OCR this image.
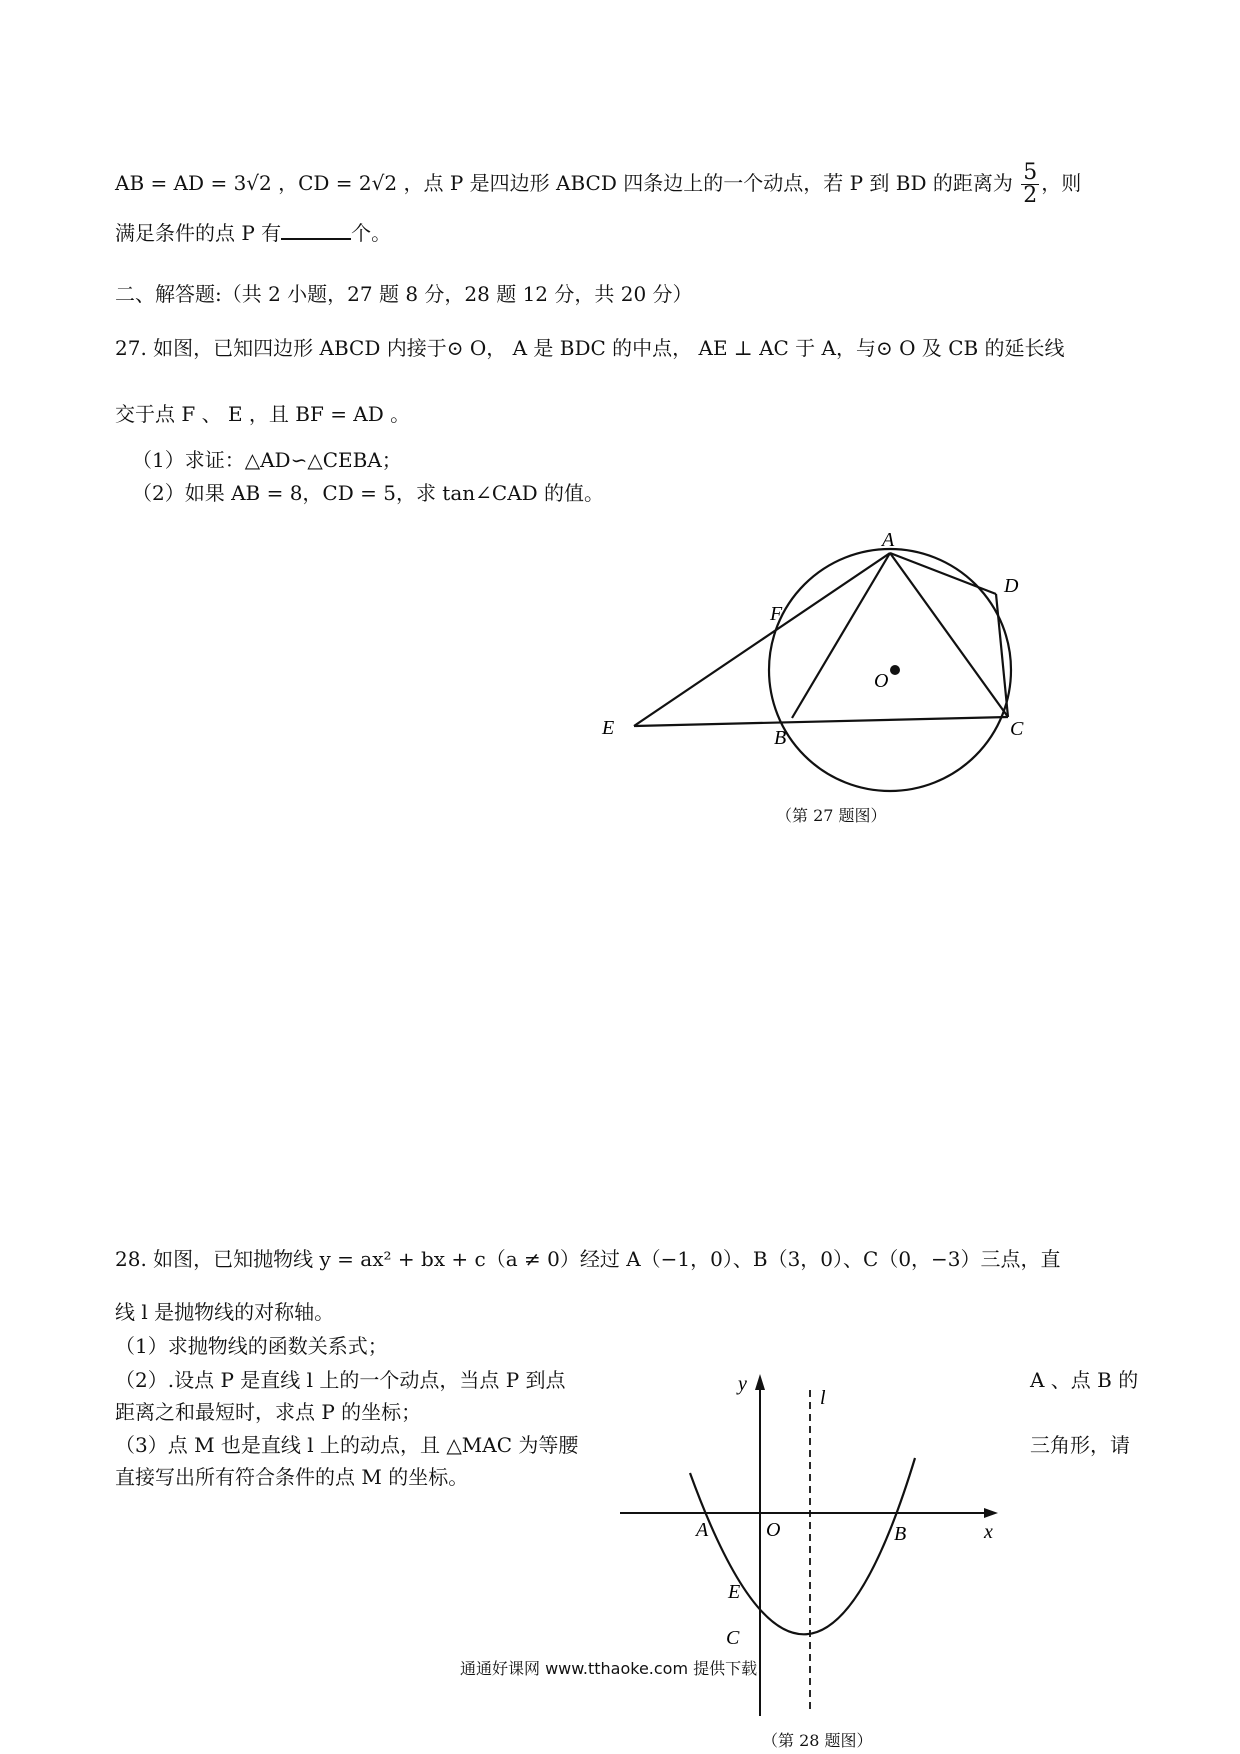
AB = AD = 3√2 ，CD = 2√2 ，点 P 是四边形 ABCD 四条边上的一个动点，若 P 到 BD 的距离为 $\frac{5}{2}$ ，则
满足条件的点 P 有	个。
二、解答题:（共 2 小题，27 题 8 分，28 题 12 分，共 20 分）
27. 如图，已知四边形 ABCD 内接于⊙ O， A 是 BDC 的中点， AE ⊥ AC 于 A，与⊙ O 及 CB 的延长线
交于点 F 、 E ，且 BF = AD 。
（1）求证：△AD∽△CEBA；
（2）如果 AB = 8，CD = 5，求 tan∠CAD 的值。
A
D
F
O
E	B	C
（第 27 题图）
28. 如图，已知抛物线 y = ax² + bx + c（a ≠ 0）经过 A（−1，0）、B（3，0）、C（0，−3）三点，直
线 l 是抛物线的对称轴。
（1）求抛物线的函数关系式；
（2）.设点 P 是直线 l 上的一个动点，当点 P 到点	A 、点 B 的
距离之和最短时，求点 P 的坐标；
（3）点 M 也是直线 l 上的动点，且 △MAC 为等腰	三角形，请
直接写出所有符合条件的点 M 的坐标。
y
l
x
A	O	B
E
C
通通好课网 www.tthaoke.com 提供下载
（第 28 题图）
